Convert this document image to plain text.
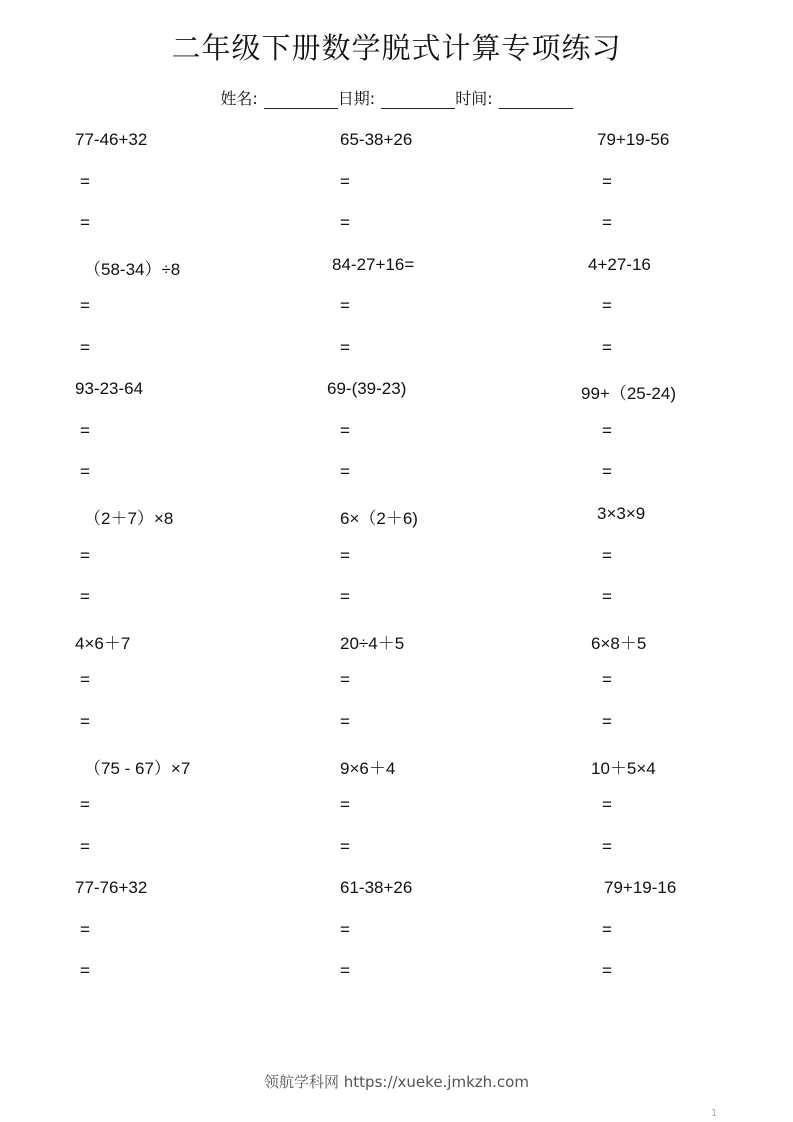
二年级下册数学脱式计算专项练习
姓名:	日期:	时间:
77-46+32
=
=
65-38+26
=
=
79+19-56
=
=
（58-34）÷8
=
=
84-27+16=
=
=
4+27-16
=
=
93-23-64
=
=
69-(39-23)
=
=
99+（25-24)
=
=
（2＋7）×8
=
=
6×（2＋6)
=
=
3×3×9
=
=
4×6＋7
=
=
20÷4＋5
=
=
6×8＋5
=
=
（75 - 67）×7
=
=
9×6＋4
=
=
10＋5×4
=
=
77-76+32
=
=
61-38+26
=
=
79+19-16
=
=
领航学科网 https://xueke.jmkzh.com
1
